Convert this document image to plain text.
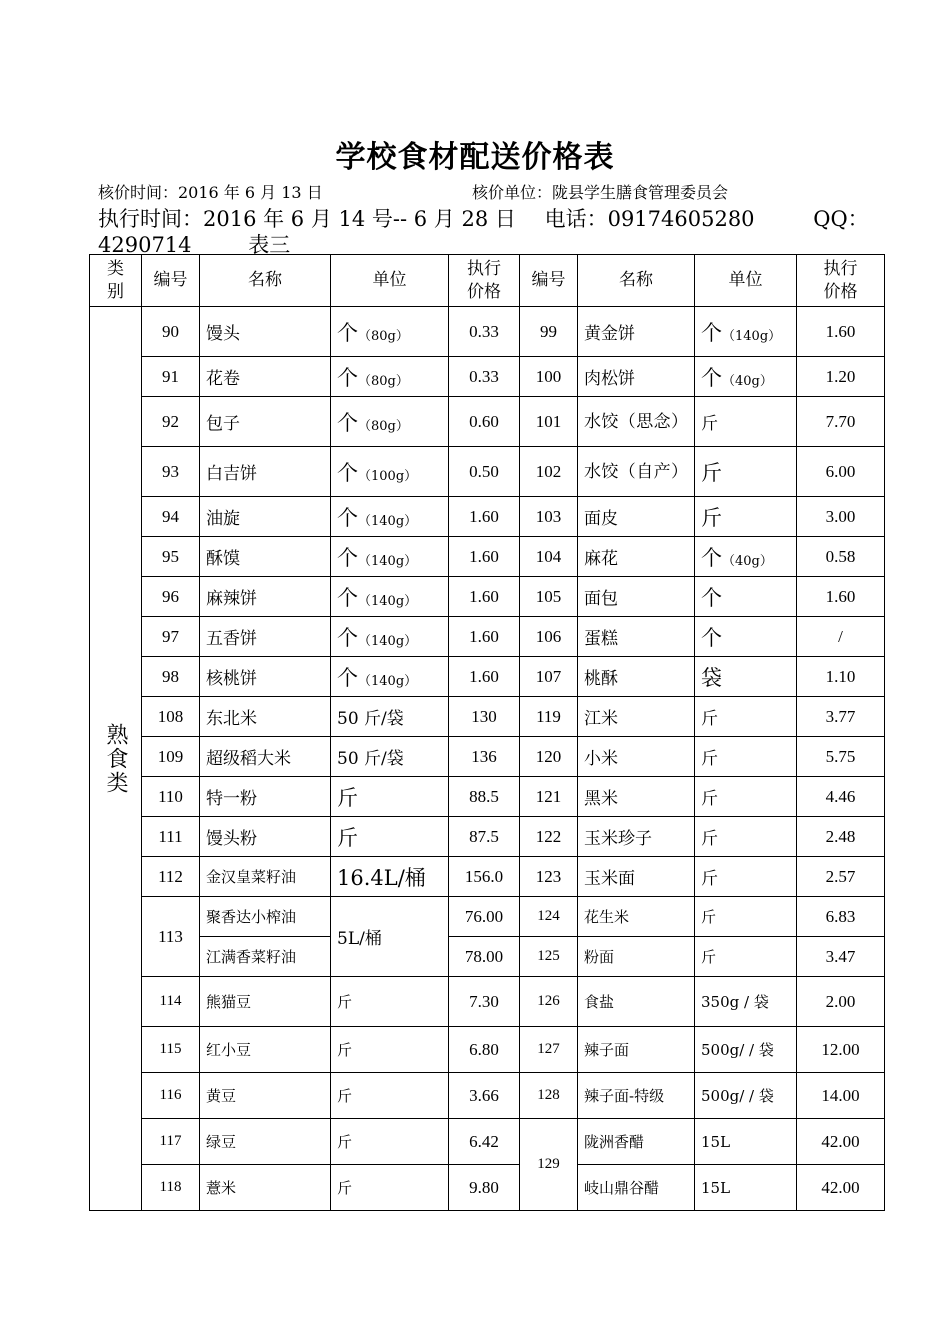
学校食材配送价格表
核价时间：2016 年 6 月 13 日	核价单位：陇县学生膳食管理委员会
执行时间：2016 年 6 月 14 号-- 6 月 28 日 电话：09174605280	QQ：
4290714	表三
类别	编号	名称	单位	执行价格	编号	名称	单位	执行价格

熟食类	90	馒头	个（80g）	0.33	99	黄金饼	个（140g）	1.60
	91	花卷	个（80g）	0.33	100	肉松饼	个（40g）	1.20
	92	包子	个（80g）	0.60	101	水饺（思念）	斤	7.70
	93	白吉饼	个（100g）	0.50	102	水饺（自产）	斤	6.00
	94	油旋	个（140g）	1.60	103	面皮	斤	3.00
	95	酥馍	个（140g）	1.60	104	麻花	个（40g）	0.58
	96	麻辣饼	个（140g）	1.60	105	面包	个	1.60
	97	五香饼	个（140g）	1.60	106	蛋糕	个	/
	98	核桃饼	个（140g）	1.60	107	桃酥	袋	1.10
	108	东北米	50 斤/袋	130	119	江米	斤	3.77
	109	超级稻大米	50 斤/袋	136	120	小米	斤	5.75
	110	特一粉	斤	88.5	121	黑米	斤	4.46
	111	馒头粉	斤	87.5	122	玉米珍子	斤	2.48
	112	金汉皇菜籽油	16.4L/桶	156.0	123	玉米面	斤	2.57
	113	聚香达小榨油	5L/桶	76.00	124	花生米	斤	6.83
		江满香菜籽油		78.00	125	粉面	斤	3.47
	114	熊猫豆	斤	7.30	126	食盐	350g / 袋	2.00
	115	红小豆	斤	6.80	127	辣子面	500g/ / 袋	12.00
	116	黄豆	斤	3.66	128	辣子面-特级	500g/ / 袋	14.00
	117	绿豆	斤	6.42	129	陇洲香醋	15L	42.00
	118	薏米	斤	9.80		岐山鼎谷醋	15L	42.00
